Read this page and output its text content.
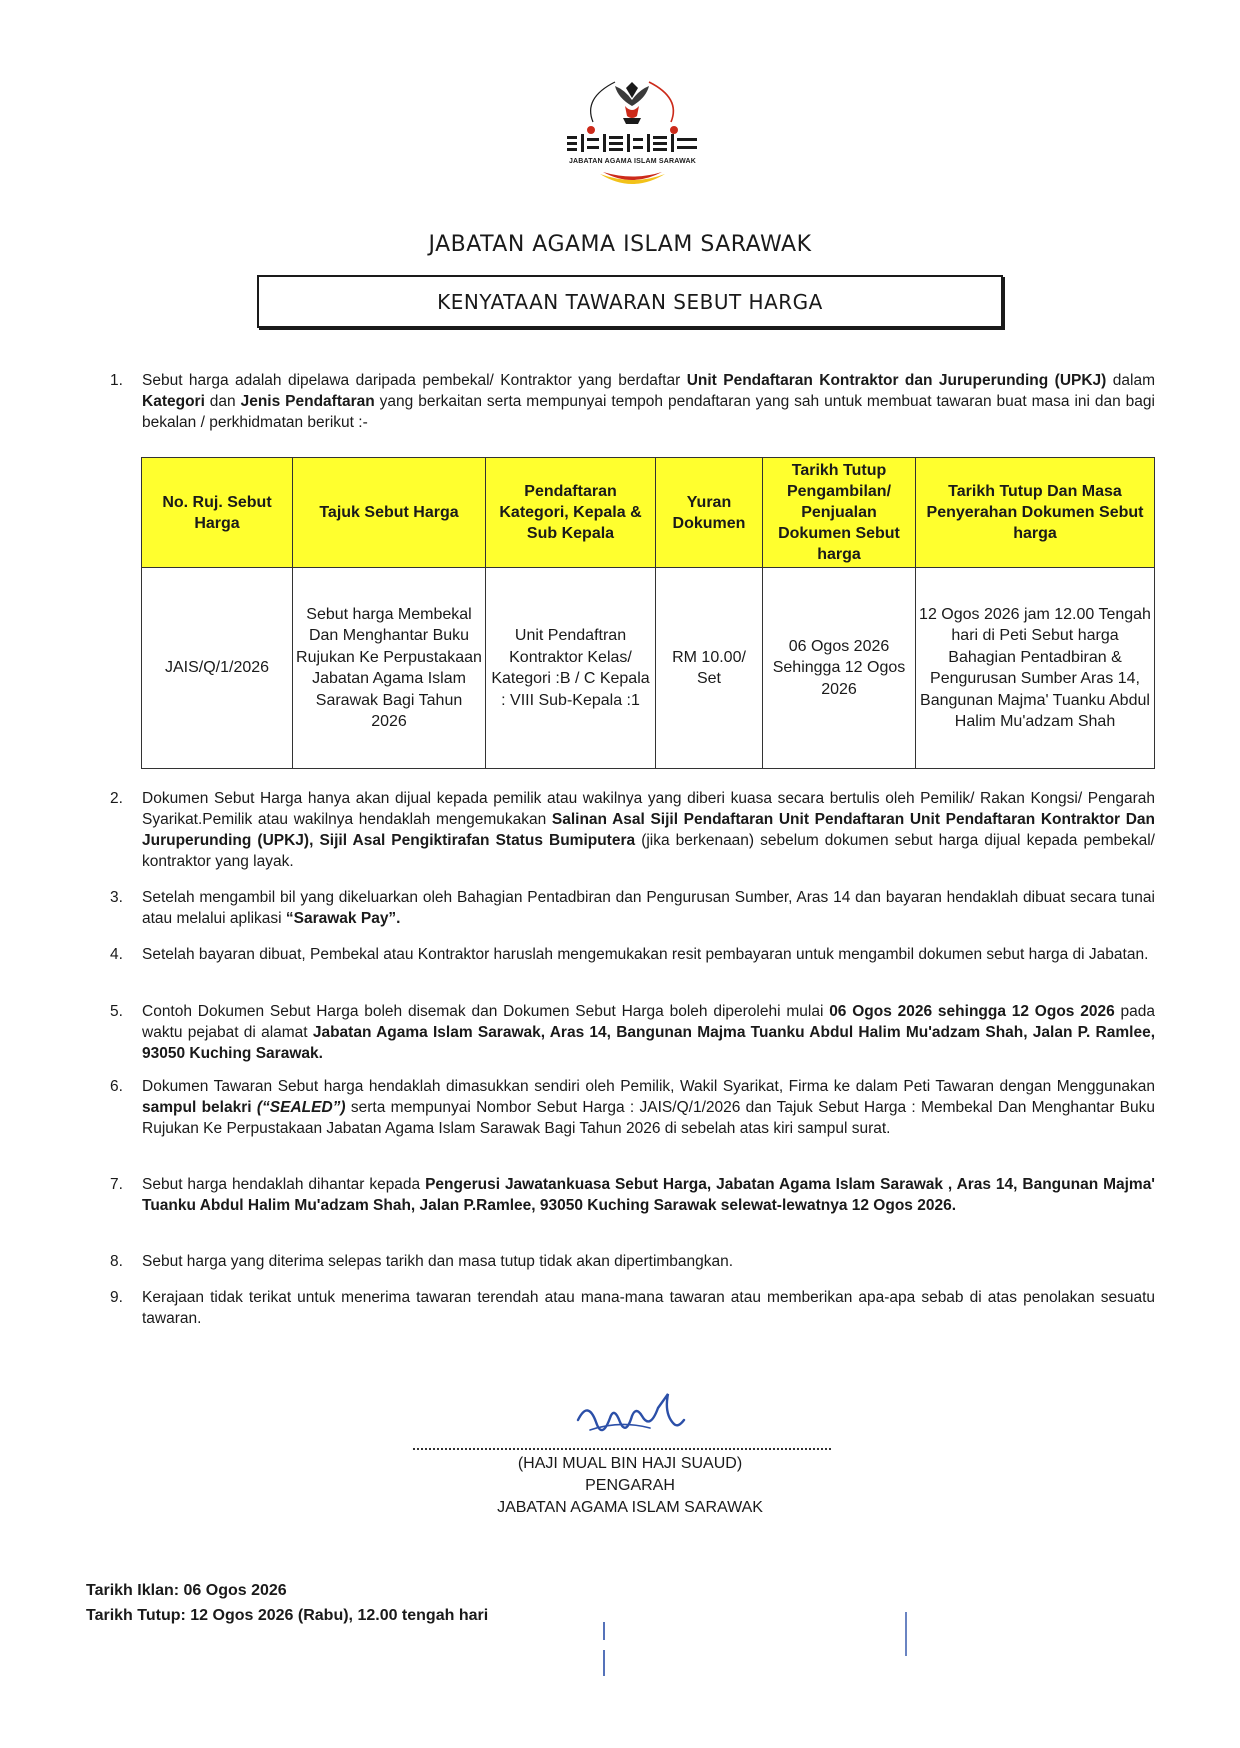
JABATAN AGAMA ISLAM SARAWAK
JABATAN AGAMA ISLAM SARAWAK
KENYATAAN TAWARAN SEBUT HARGA
1.	Sebut harga adalah dipelawa daripada pembekal/ Kontraktor yang berdaftar Unit Pendaftaran Kontraktor dan Juruperunding (UPKJ) dalam Kategori dan Jenis Pendaftaran yang berkaitan serta mempunyai tempoh pendaftaran yang sah untuk membuat tawaran buat masa ini dan bagi bekalan / perkhidmatan berikut :-
No. Ruj. Sebut Harga	Tajuk Sebut Harga	Pendaftaran Kategori, Kepala & Sub Kepala	Yuran Dokumen	Tarikh Tutup Pengambilan/ Penjualan Dokumen Sebut harga	Tarikh Tutup Dan Masa Penyerahan Dokumen Sebut harga
JAIS/Q/1/2026	Sebut harga Membekal Dan Menghantar Buku Rujukan Ke Perpustakaan Jabatan Agama Islam Sarawak Bagi Tahun 2026	Unit Pendaftran Kontraktor Kelas/ Kategori :B / C Kepala : VIII Sub-Kepala :1	RM 10.00/ Set	06 Ogos 2026 Sehingga 12 Ogos 2026	12 Ogos 2026 jam 12.00 Tengah hari di Peti Sebut harga Bahagian Pentadbiran & Pengurusan Sumber Aras 14, Bangunan Majma' Tuanku Abdul Halim Mu'adzam Shah
2.	Dokumen Sebut Harga hanya akan dijual kepada pemilik atau wakilnya yang diberi kuasa secara bertulis oleh Pemilik/ Rakan Kongsi/ Pengarah Syarikat.Pemilik atau wakilnya hendaklah mengemukakan Salinan Asal Sijil Pendaftaran Unit Pendaftaran Unit Pendaftaran Kontraktor Dan Juruperunding (UPKJ), Sijil Asal Pengiktirafan Status Bumiputera (jika berkenaan) sebelum dokumen sebut harga dijual kepada pembekal/ kontraktor yang layak.
3.	Setelah mengambil bil yang dikeluarkan oleh Bahagian Pentadbiran dan Pengurusan Sumber, Aras 14 dan bayaran hendaklah dibuat secara tunai atau melalui aplikasi “Sarawak Pay”.
4.	Setelah bayaran dibuat, Pembekal atau Kontraktor haruslah mengemukakan resit pembayaran untuk mengambil dokumen sebut harga di Jabatan.
5.	Contoh Dokumen Sebut Harga boleh disemak dan Dokumen Sebut Harga boleh diperolehi mulai 06 Ogos 2026 sehingga 12 Ogos 2026 pada waktu pejabat di alamat Jabatan Agama Islam Sarawak, Aras 14, Bangunan Majma Tuanku Abdul Halim Mu'adzam Shah, Jalan P. Ramlee, 93050 Kuching Sarawak.
6.	Dokumen Tawaran Sebut harga hendaklah dimasukkan sendiri oleh Pemilik, Wakil Syarikat, Firma ke dalam Peti Tawaran dengan Menggunakan sampul belakri (“SEALED”) serta mempunyai Nombor Sebut Harga : JAIS/Q/1/2026 dan Tajuk Sebut Harga : Membekal Dan Menghantar Buku Rujukan Ke Perpustakaan Jabatan Agama Islam Sarawak Bagi Tahun 2026 di sebelah atas kiri sampul surat.
7.	Sebut harga hendaklah dihantar kepada Pengerusi Jawatankuasa Sebut Harga, Jabatan Agama Islam Sarawak , Aras 14, Bangunan Majma' Tuanku Abdul Halim Mu'adzam Shah, Jalan P.Ramlee, 93050 Kuching Sarawak selewat-lewatnya 12 Ogos 2026.
8.	Sebut harga yang diterima selepas tarikh dan masa tutup tidak akan dipertimbangkan.
9.	Kerajaan tidak terikat untuk menerima tawaran terendah atau mana-mana tawaran atau memberikan apa-apa sebab di atas penolakan sesuatu tawaran.
(HAJI MUAL BIN HAJI SUAUD)
PENGARAH
JABATAN AGAMA ISLAM SARAWAK
Tarikh Iklan: 06 Ogos 2026
Tarikh Tutup: 12 Ogos 2026 (Rabu), 12.00 tengah hari
